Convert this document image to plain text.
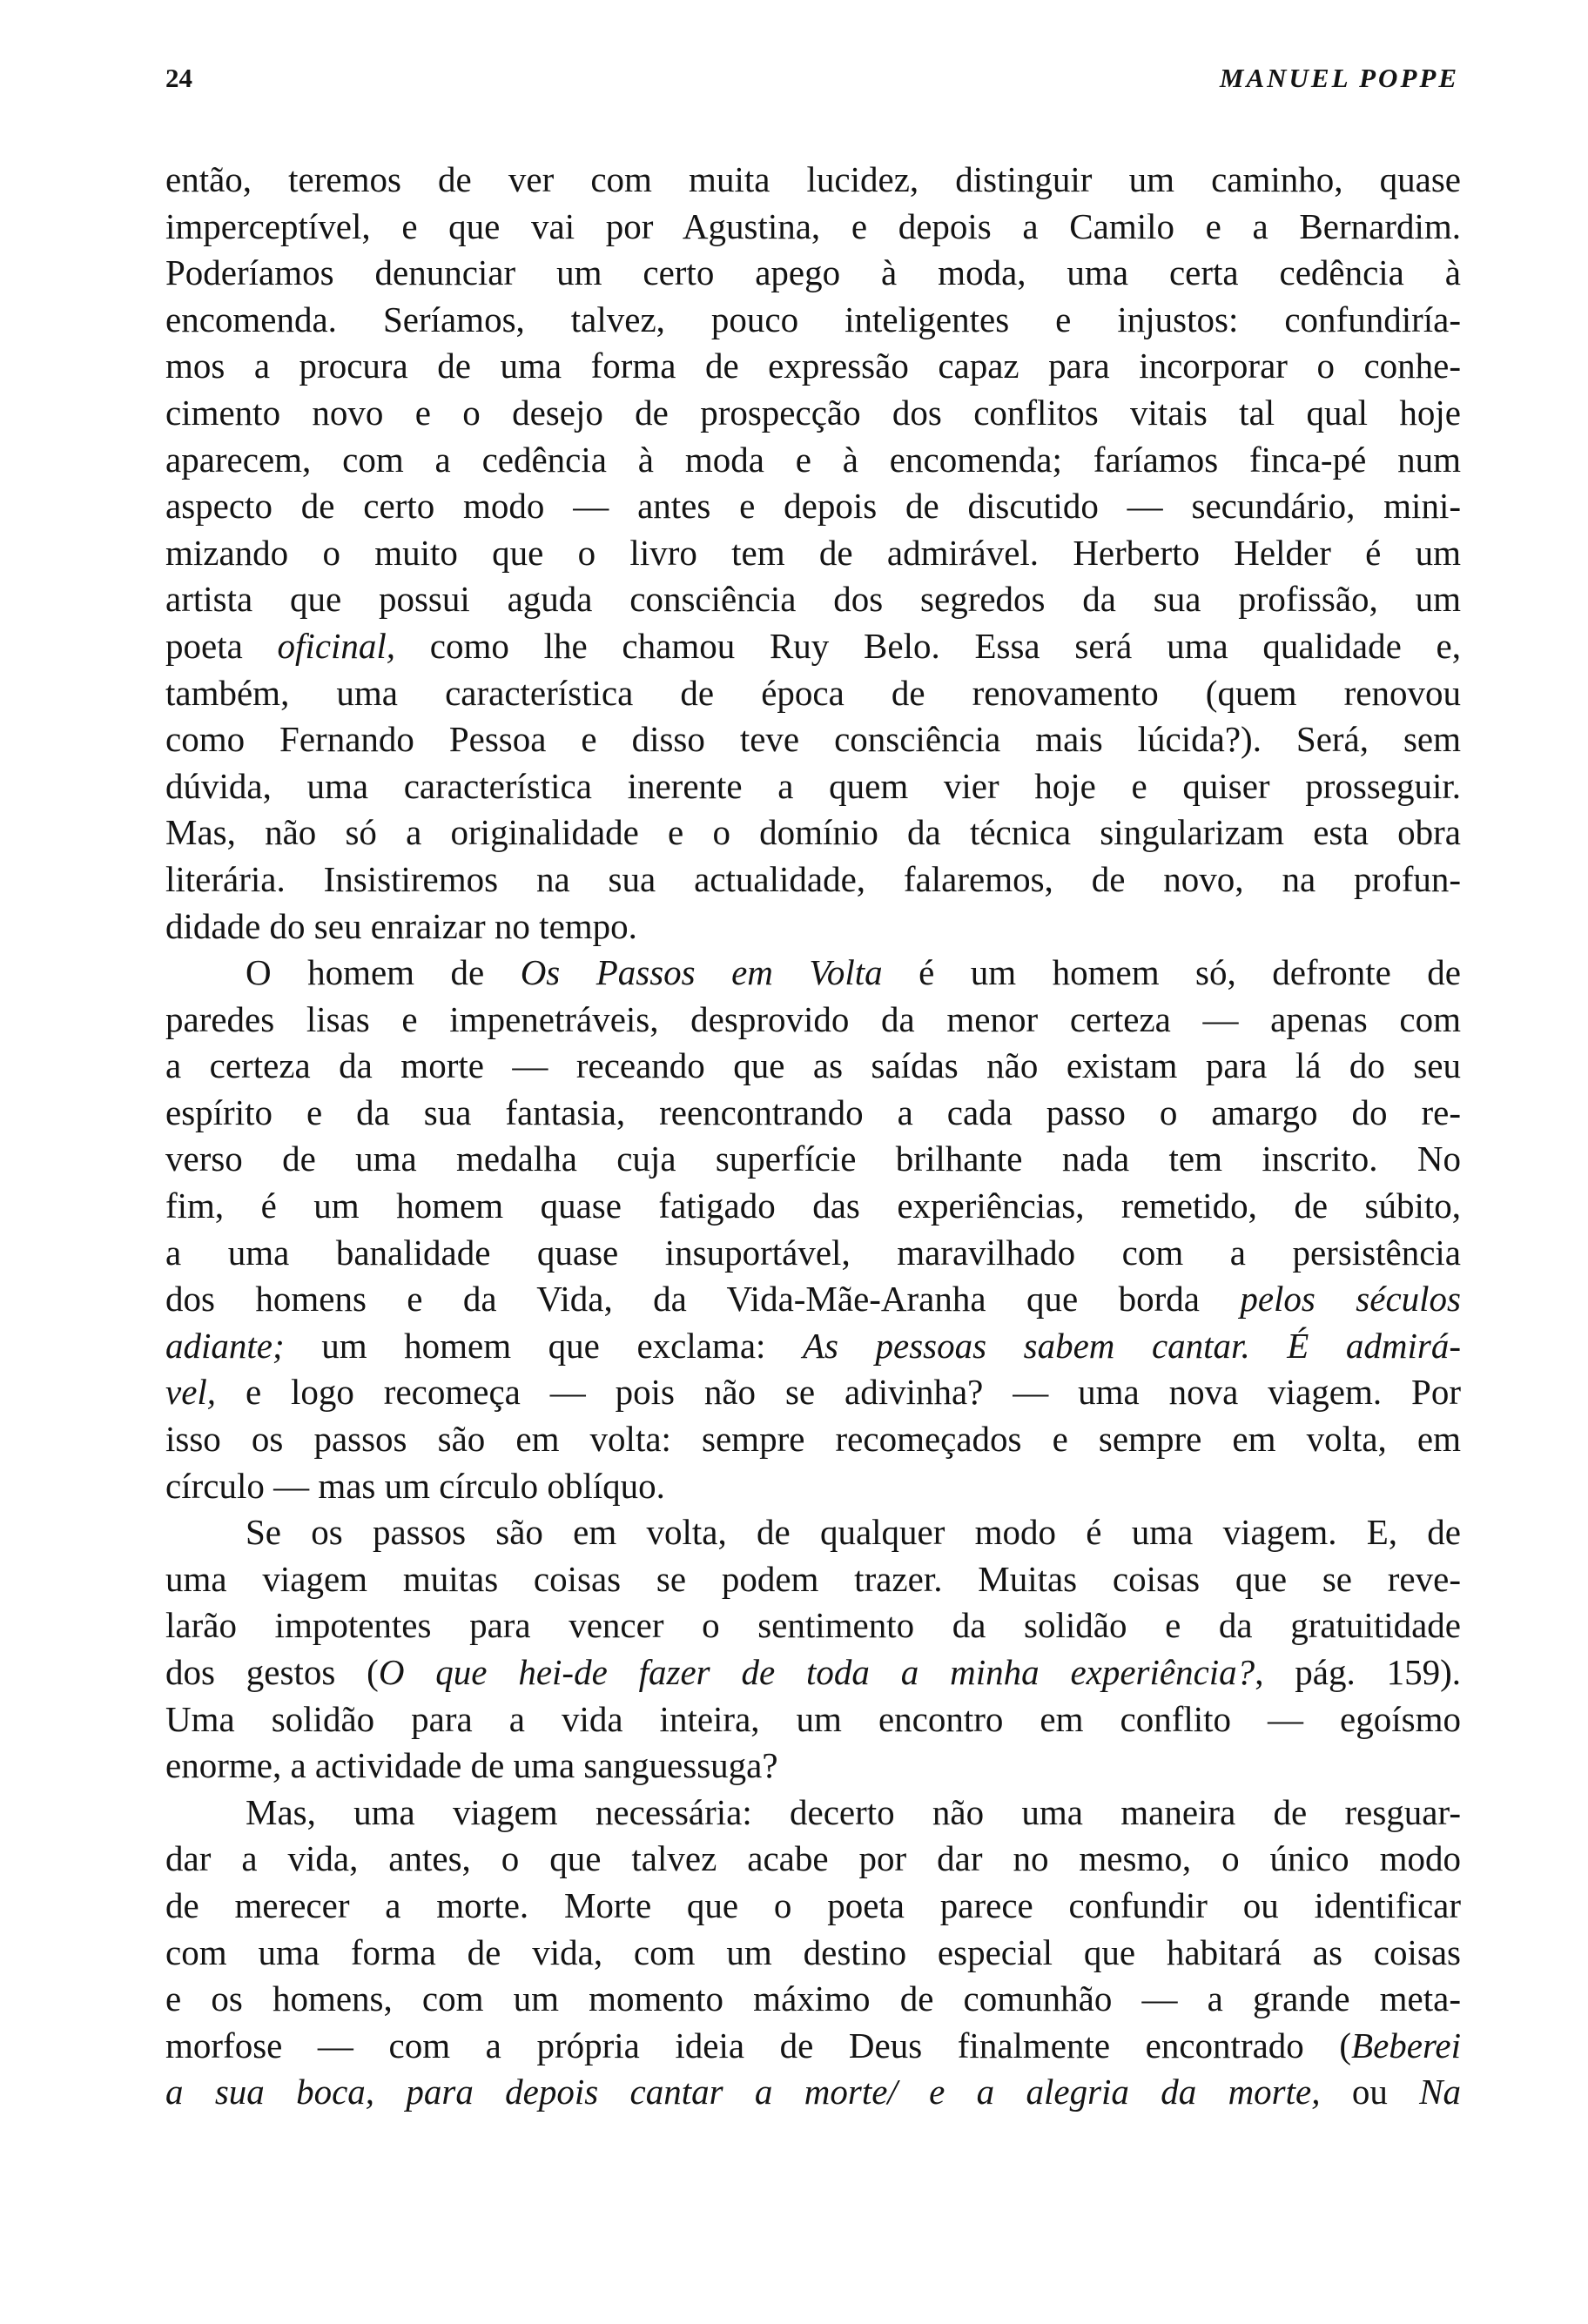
24	MANUEL POPPE
então, teremos de ver com muita lucidez, distinguir um caminho, quase
imperceptível, e que vai por Agustina, e depois a Camilo e a Bernardim.
Poderíamos denunciar um certo apego à moda, uma certa cedência à
encomenda. Seríamos, talvez, pouco inteligentes e injustos: confundiría-
mos a procura de uma forma de expressão capaz para incorporar o conhe-
cimento novo e o desejo de prospecção dos conflitos vitais tal qual hoje
aparecem, com a cedência à moda e à encomenda; faríamos finca-pé num
aspecto de certo modo — antes e depois de discutido — secundário, mini-
mizando o muito que o livro tem de admirável. Herberto Helder é um
artista que possui aguda consciência dos segredos da sua profissão, um
poeta oficinal, como lhe chamou Ruy Belo. Essa será uma qualidade e,
também, uma característica de época de renovamento (quem renovou
como Fernando Pessoa e disso teve consciência mais lúcida?). Será, sem
dúvida, uma característica inerente a quem vier hoje e quiser prosseguir.
Mas, não só a originalidade e o domínio da técnica singularizam esta obra
literária. Insistiremos na sua actualidade, falaremos, de novo, na profun-
didade do seu enraizar no tempo.
O homem de Os Passos em Volta é um homem só, defronte de
paredes lisas e impenetráveis, desprovido da menor certeza — apenas com
a certeza da morte — receando que as saídas não existam para lá do seu
espírito e da sua fantasia, reencontrando a cada passo o amargo do re-
verso de uma medalha cuja superfície brilhante nada tem inscrito. No
fim, é um homem quase fatigado das experiências, remetido, de súbito,
a uma banalidade quase insuportável, maravilhado com a persistência
dos homens e da Vida, da Vida-Mãe-Aranha que borda pelos séculos
adiante; um homem que exclama: As pessoas sabem cantar. É admirá-
vel, e logo recomeça — pois não se adivinha? — uma nova viagem. Por
isso os passos são em volta: sempre recomeçados e sempre em volta, em
círculo — mas um círculo oblíquo.
Se os passos são em volta, de qualquer modo é uma viagem. E, de
uma viagem muitas coisas se podem trazer. Muitas coisas que se reve-
larão impotentes para vencer o sentimento da solidão e da gratuitidade
dos gestos (O que hei-de fazer de toda a minha experiência?, pág. 159).
Uma solidão para a vida inteira, um encontro em conflito — egoísmo
enorme, a actividade de uma sanguessuga?
Mas, uma viagem necessária: decerto não uma maneira de resguar-
dar a vida, antes, o que talvez acabe por dar no mesmo, o único modo
de merecer a morte. Morte que o poeta parece confundir ou identificar
com uma forma de vida, com um destino especial que habitará as coisas
e os homens, com um momento máximo de comunhão — a grande meta-
morfose — com a própria ideia de Deus finalmente encontrado (Beberei
a sua boca, para depois cantar a morte/ e a alegria da morte, ou Na
